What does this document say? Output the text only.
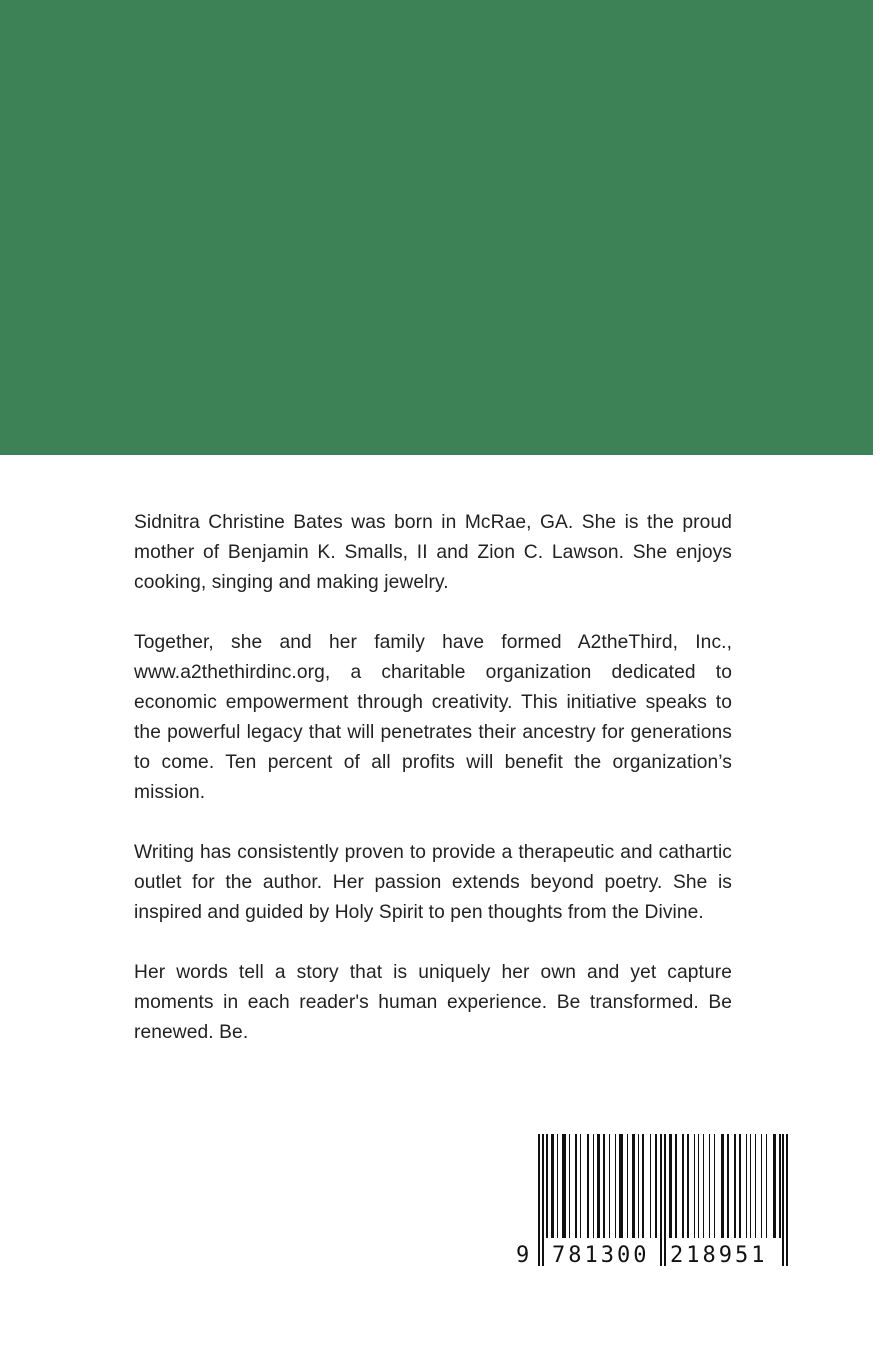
Sidnitra Christine Bates was born in McRae, GA. She is the proud mother of Benjamin K. Smalls, II and Zion C. Lawson. She enjoys cooking, singing and making jewelry.

Together, she and her family have formed A2theThird, Inc., www.a2thethirdinc.org, a charitable organization dedicated to economic empowerment through creativity. This initiative speaks to the powerful legacy that will penetrates their ancestry for generations to come. Ten percent of all profits will benefit the organization’s mission.

Writing has consistently proven to provide a therapeutic and cathartic outlet for the author. Her passion extends beyond poetry. She is inspired and guided by Holy Spirit to pen thoughts from the Divine.

Her words tell a story that is uniquely her own and yet capture moments in each reader's human experience. Be transformed. Be renewed. Be.

9 781300 218951
